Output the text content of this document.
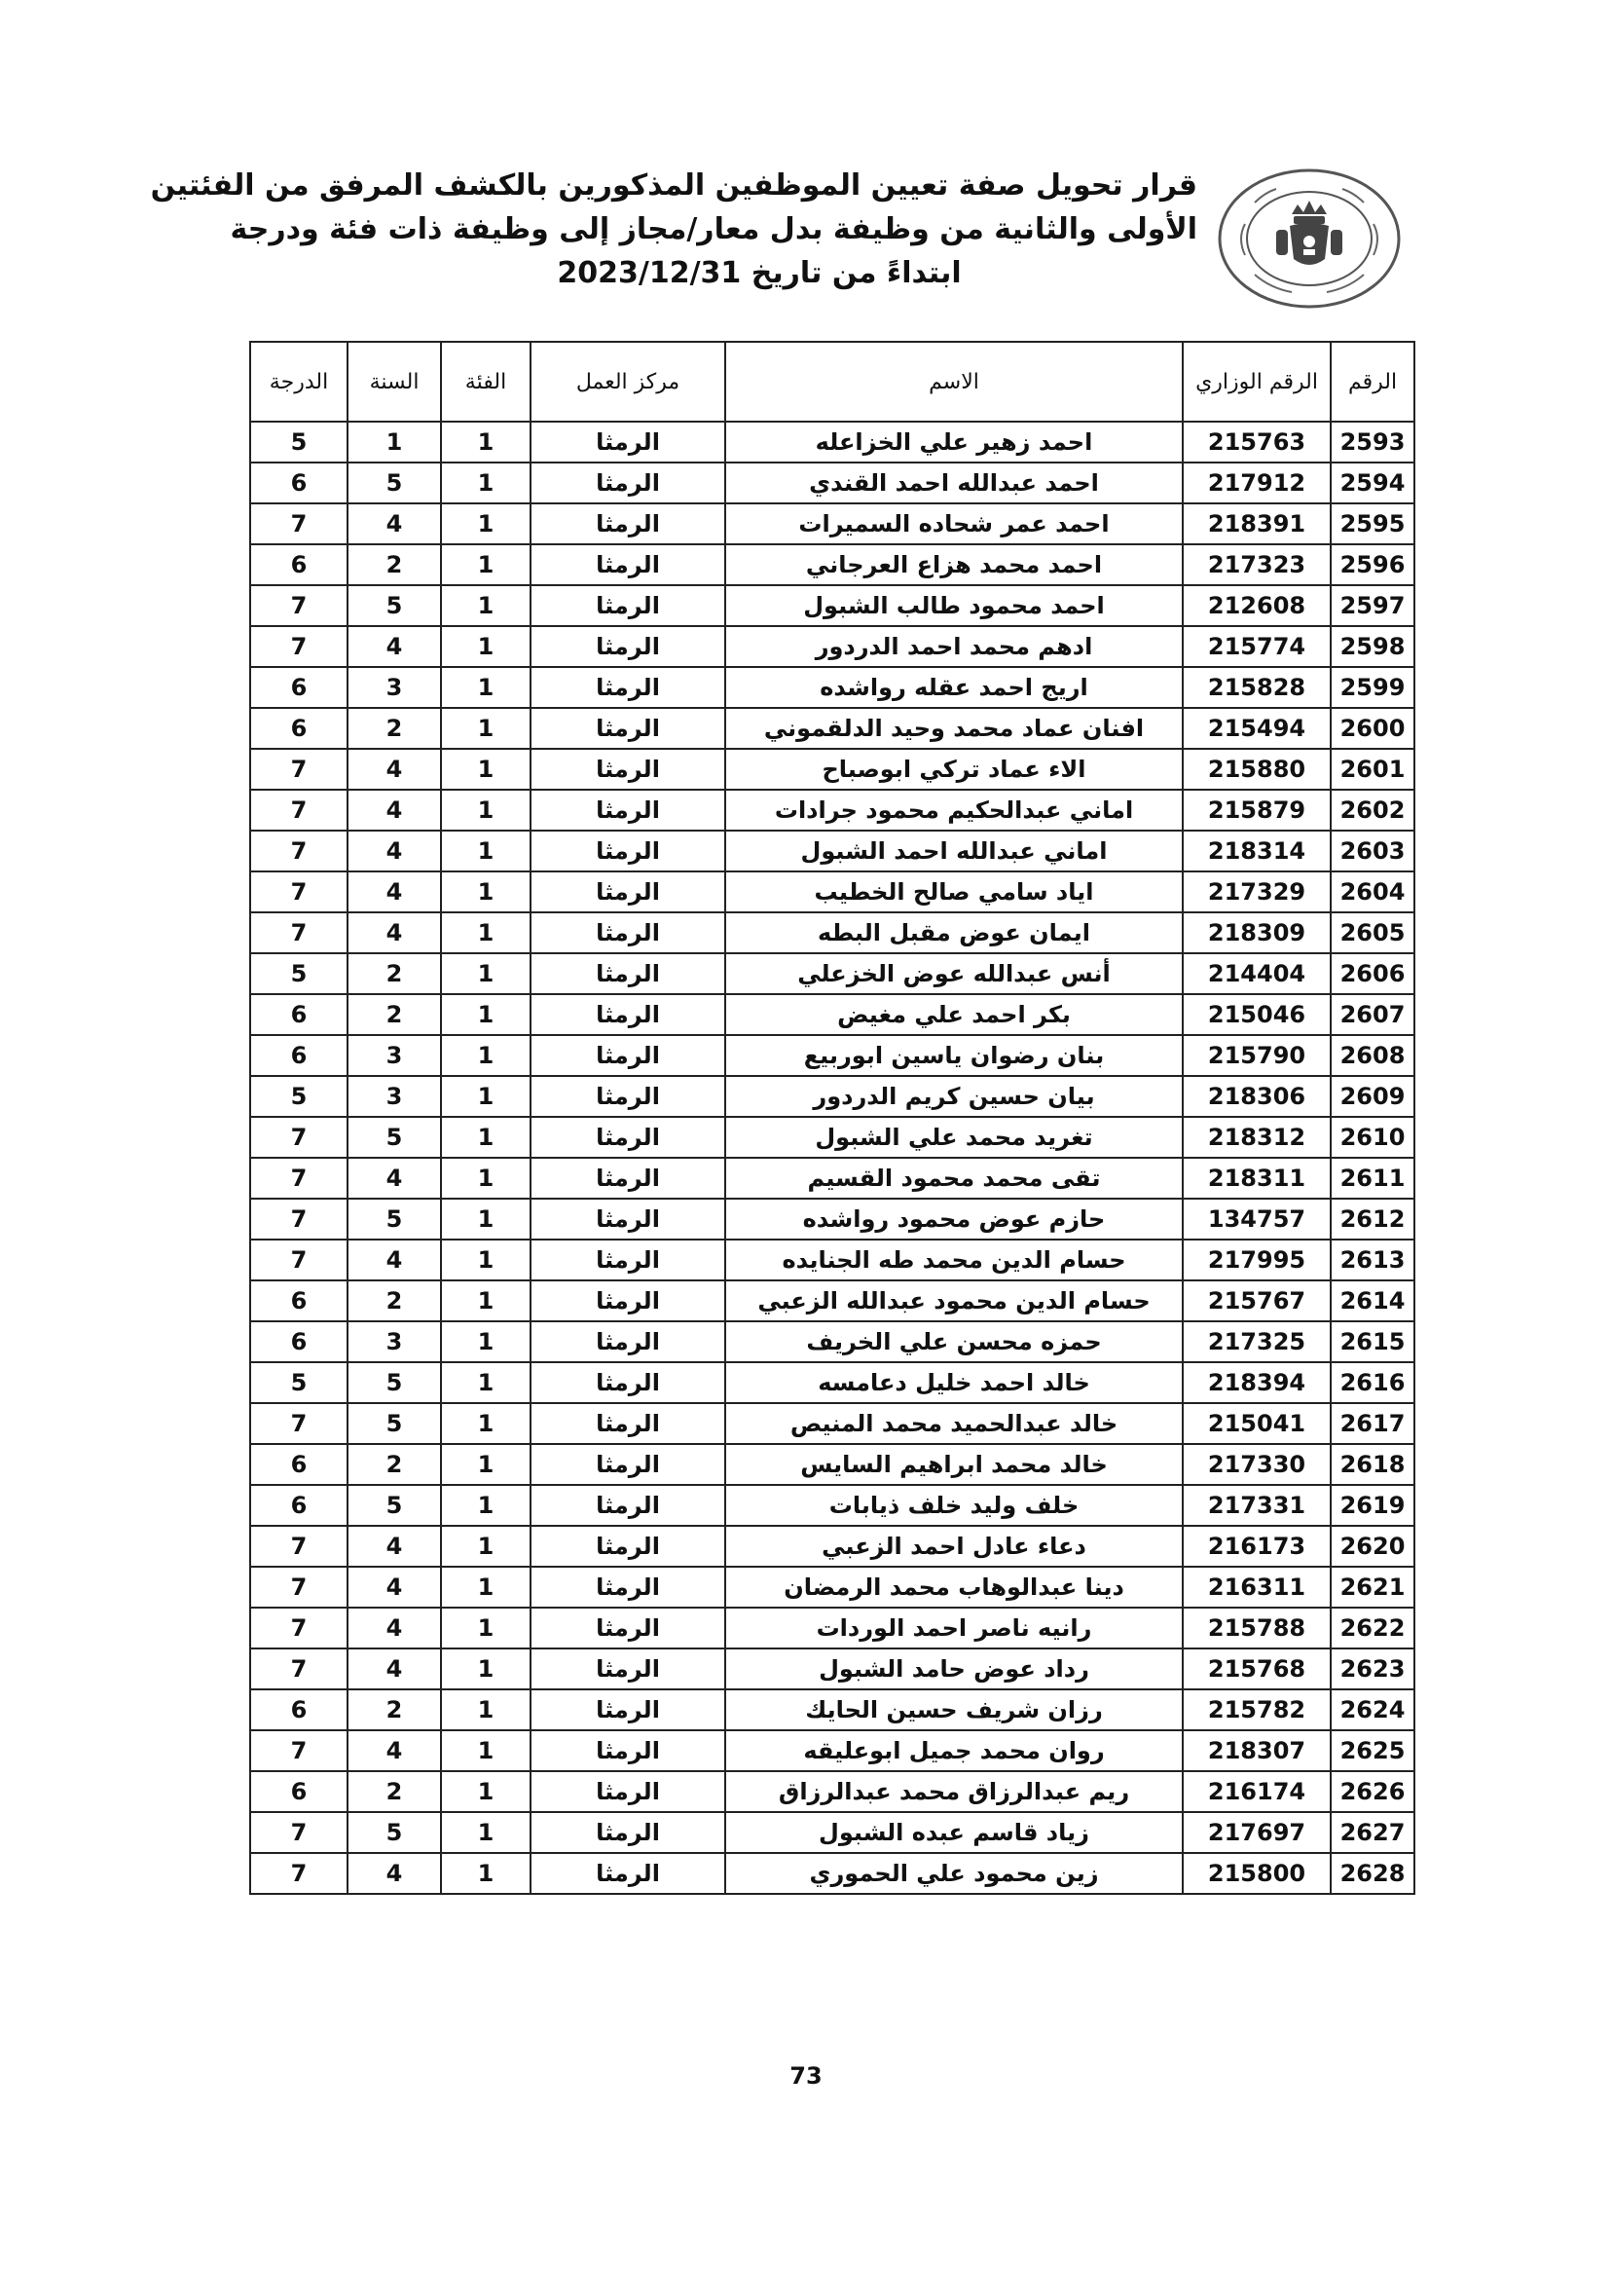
قرار تحويل صفة تعيين الموظفين المذكورين بالكشف المرفق من الفئتين
الأولى والثانية من وظيفة بدل معار/مجاز إلى وظيفة ذات فئة ودرجة
ابتداءً من تاريخ 2023/12/31
الرقم	الرقم الوزاري	الاسم	مركز العمل	الفئة	السنة	الدرجة
2593	215763	احمد زهير علي الخزاعله	الرمثا	1	1	5
2594	217912	احمد عبدالله احمد القندي	الرمثا	1	5	6
2595	218391	احمد عمر شحاده السميرات	الرمثا	1	4	7
2596	217323	احمد محمد هزاع العرجاني	الرمثا	1	2	6
2597	212608	احمد محمود طالب الشبول	الرمثا	1	5	7
2598	215774	ادهم محمد احمد الدردور	الرمثا	1	4	7
2599	215828	اريج احمد عقله رواشده	الرمثا	1	3	6
2600	215494	افنان عماد محمد وحيد الدلقموني	الرمثا	1	2	6
2601	215880	الاء عماد تركي ابوصباح	الرمثا	1	4	7
2602	215879	اماني عبدالحكيم محمود جرادات	الرمثا	1	4	7
2603	218314	اماني عبدالله احمد الشبول	الرمثا	1	4	7
2604	217329	اياد سامي صالح الخطيب	الرمثا	1	4	7
2605	218309	ايمان عوض مقبل البطه	الرمثا	1	4	7
2606	214404	أنس عبدالله عوض الخزعلي	الرمثا	1	2	5
2607	215046	بكر احمد علي مغيض	الرمثا	1	2	6
2608	215790	بنان رضوان ياسين ابوربيع	الرمثا	1	3	6
2609	218306	بيان حسين كريم الدردور	الرمثا	1	3	5
2610	218312	تغريد محمد علي الشبول	الرمثا	1	5	7
2611	218311	تقى محمد محمود القسيم	الرمثا	1	4	7
2612	134757	حازم عوض محمود رواشده	الرمثا	1	5	7
2613	217995	حسام الدين محمد طه الجنايده	الرمثا	1	4	7
2614	215767	حسام الدين محمود عبدالله الزعبي	الرمثا	1	2	6
2615	217325	حمزه محسن علي الخريف	الرمثا	1	3	6
2616	218394	خالد احمد خليل دعامسه	الرمثا	1	5	5
2617	215041	خالد عبدالحميد محمد المنيص	الرمثا	1	5	7
2618	217330	خالد محمد ابراهيم السايس	الرمثا	1	2	6
2619	217331	خلف وليد خلف ذيابات	الرمثا	1	5	6
2620	216173	دعاء عادل احمد الزعبي	الرمثا	1	4	7
2621	216311	دينا عبدالوهاب محمد الرمضان	الرمثا	1	4	7
2622	215788	رانيه ناصر احمد الوردات	الرمثا	1	4	7
2623	215768	رداد عوض حامد الشبول	الرمثا	1	4	7
2624	215782	رزان شريف حسين الحايك	الرمثا	1	2	6
2625	218307	روان محمد جميل ابوعليقه	الرمثا	1	4	7
2626	216174	ريم عبدالرزاق محمد عبدالرزاق	الرمثا	1	2	6
2627	217697	زياد قاسم عبده الشبول	الرمثا	1	5	7
2628	215800	زين محمود علي الحموري	الرمثا	1	4	7
73
